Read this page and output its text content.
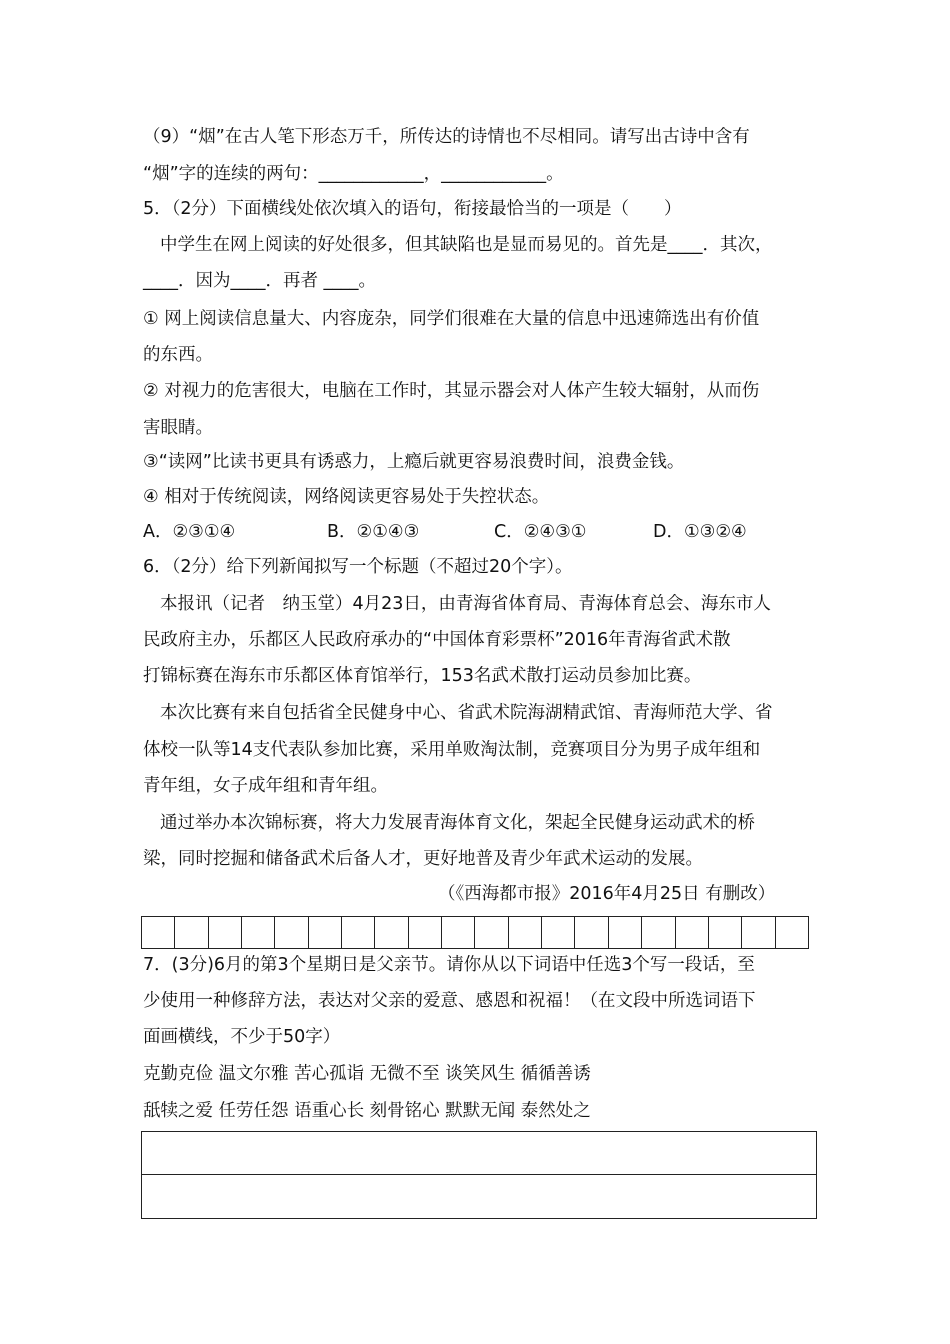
（9）“烟”在古人笔下形态万千，所传达的诗情也不尽相同。请写出古诗中含有
“烟”字的连续的两句：____________，____________。
5．（2分）下面横线处依次填入的语句，衔接最恰当的一项是（　　）
中学生在网上阅读的好处很多，但其缺陷也是显而易见的。首先是____．其次，
____．因为____．再者 ____。
① 网上阅读信息量大、内容庞杂，同学们很难在大量的信息中迅速筛选出有价值
的东西。
② 对视力的危害很大，电脑在工作时，其显示器会对人体产生较大辐射，从而伤
害眼睛。
③“读网”比读书更具有诱惑力，上瘾后就更容易浪费时间，浪费金钱。
④ 相对于传统阅读，网络阅读更容易处于失控状态。
A．②③①④	B．②①④③	C．②④③①	D．①③②④
6．（2分）给下列新闻拟写一个标题（不超过20个字）。
本报讯（记者　纳玉堂）4月23日，由青海省体育局、青海体育总会、海东市人
民政府主办，乐都区人民政府承办的“中国体育彩票杯”2016年青海省武术散
打锦标赛在海东市乐都区体育馆举行，153名武术散打运动员参加比赛。
本次比赛有来自包括省全民健身中心、省武术院海湖精武馆、青海师范大学、省
体校一队等14支代表队参加比赛，采用单败淘汰制，竞赛项目分为男子成年组和
青年组，女子成年组和青年组。
通过举办本次锦标赛，将大力发展青海体育文化，架起全民健身运动武术的桥
梁，同时挖掘和储备武术后备人才，更好地普及青少年武术运动的发展。
（《西海都市报》2016年4月25日 有删改）
7．(3分)6月的第3个星期日是父亲节。请你从以下词语中任选3个写一段话，至
少使用一种修辞方法，表达对父亲的爱意、感恩和祝福！（在文段中所选词语下
面画横线，不少于50字）
克勤克俭 温文尔雅 苦心孤诣 无微不至 谈笑风生 循循善诱
舐犊之爱 任劳任怨 语重心长 刻骨铭心 默默无闻 泰然处之
